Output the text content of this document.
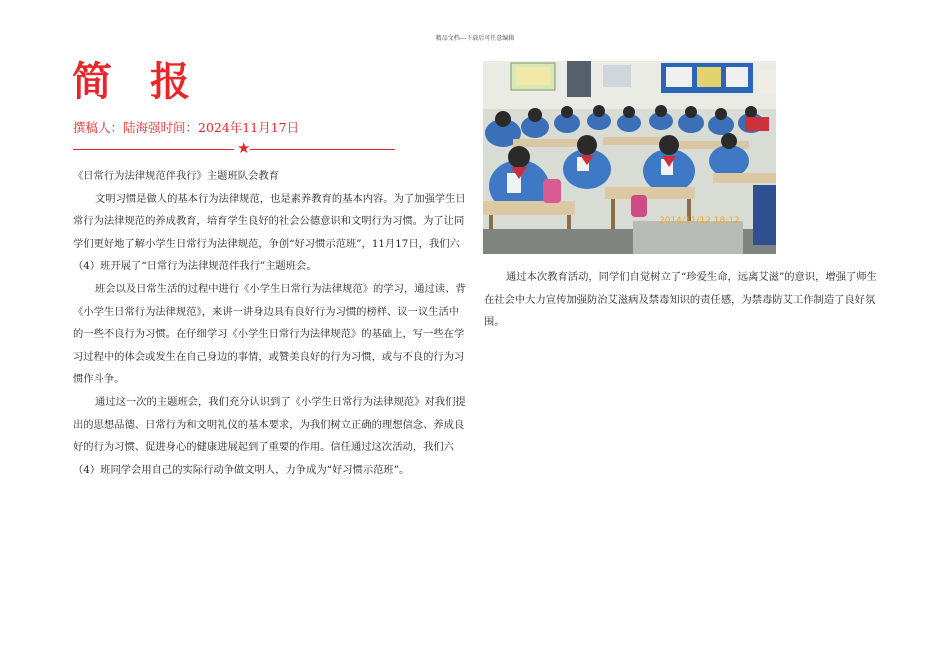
精品文档---下载后可任意编辑
简报
撰稿人：陆海强时间：2024年11月17日
★

《日常行为法律规范伴我行》主题班队会教育

文明习惯是做人的基本行为法律规范，也是素养教育的基本内容。为了加强学生日常行为法律规范的养成教育，培育学生良好的社会公德意识和文明行为习惯。为了让同学们更好地了解小学生日常行为法律规范，争创“好习惯示范班”，11月17日，我们六（4）班开展了“日常行为法律规范伴我行”主题班会。

班会以及日常生活的过程中进行《小学生日常行为法律规范》的学习，通过读、背《小学生日常行为法律规范》，来讲一讲身边具有良好行为习惯的榜样、议一议生活中的一些不良行为习惯。在仔细学习《小学生日常行为法律规范》的基础上，写一些在学习过程中的体会或发生在自己身边的事情，或赞美良好的行为习惯，或与不良的行为习惯作斗争。

通过这一次的主题班会，我们充分认识到了《小学生日常行为法律规范》对我们提出的思想品德、日常行为和文明礼仪的基本要求，为我们树立正确的理想信念、养成良好的行为习惯、促进身心的健康进展起到了重要的作用。信任通过这次活动，我们六（4）班同学会用自己的实际行动争做文明人，力争成为“好习惯示范班”。

2014/11/12 18:12

通过本次教育活动，同学们自觉树立了“珍爱生命，远离艾滋”的意识，增强了师生在社会中大力宣传加强防治艾滋病及禁毒知识的责任感，为禁毒防艾工作制造了良好氛围。
